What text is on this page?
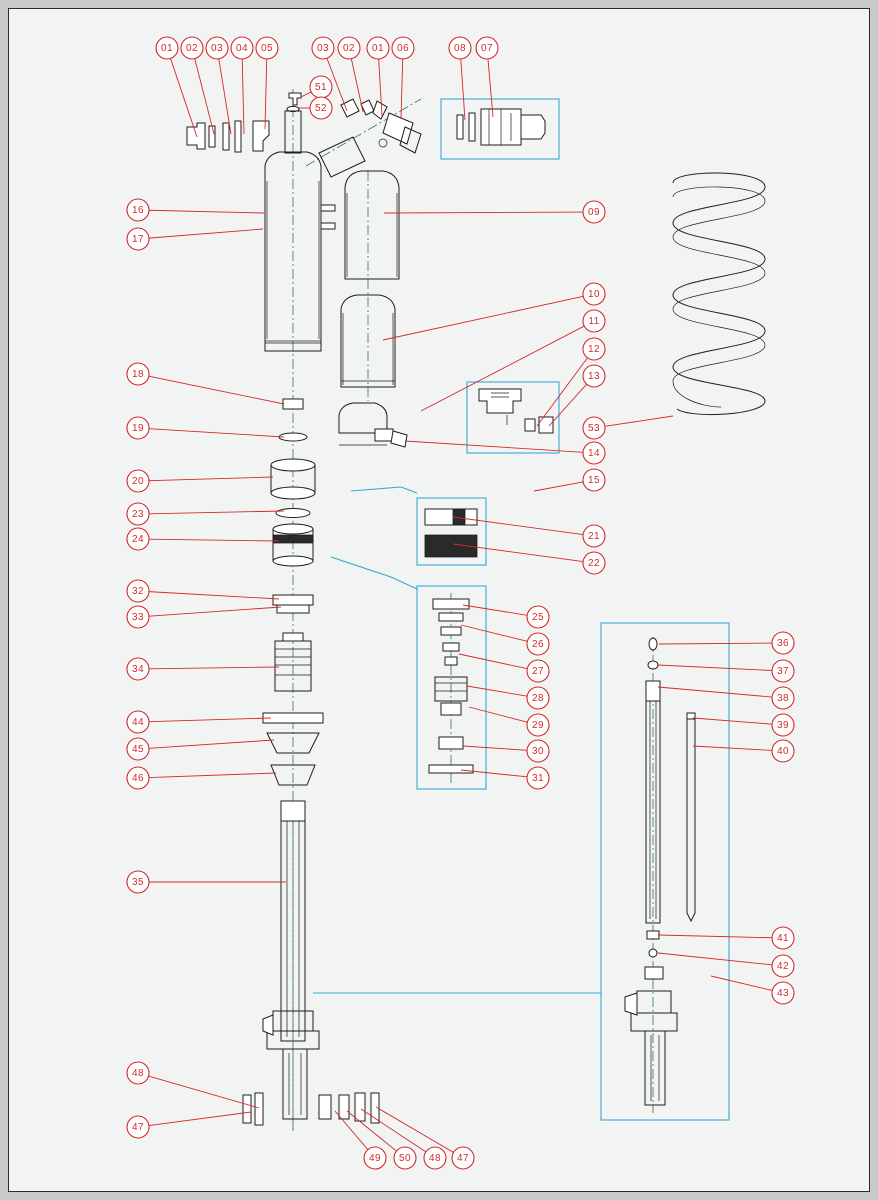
01 02 03 04 05	03 02 01 06	08 07
51
52
16
17
09
10
11
12
13
53
14
15
21
22
18
19
20
23
24
32
33
34
44
45
46
35
48
47
49 50 48 47
25
26
27
28
29
30
31
36
37
38
39
40
41
42
43
